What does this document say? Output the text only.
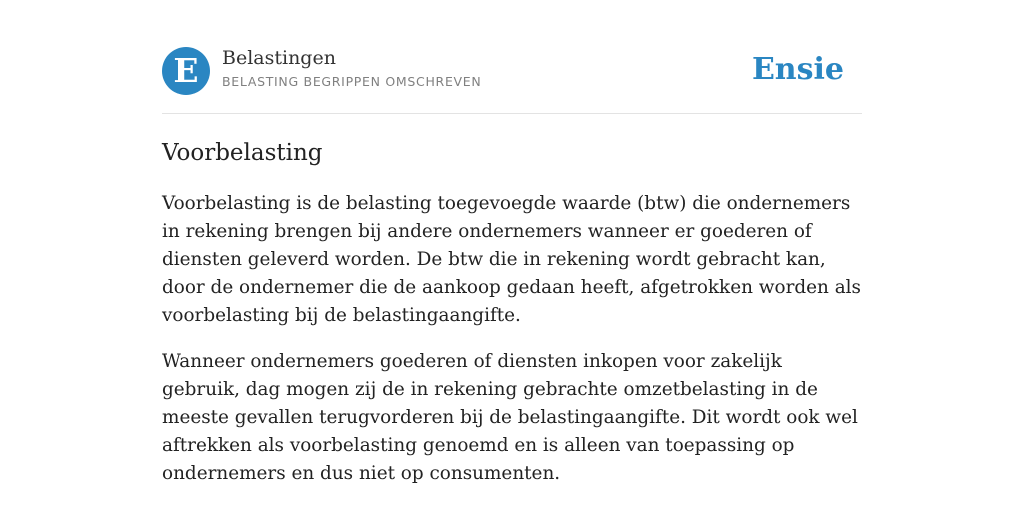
E	Belastingen
BELASTING BEGRIPPEN OMSCHREVEN	Ensie
Voorbelasting

Voorbelasting is de belasting toegevoegde waarde (btw) die ondernemers in rekening brengen bij andere ondernemers wanneer er goederen of diensten geleverd worden. De btw die in rekening wordt gebracht kan, door de ondernemer die de aankoop gedaan heeft, afgetrokken worden als voorbelasting bij de belastingaangifte.

Wanneer ondernemers goederen of diensten inkopen voor zakelijk gebruik, dag mogen zij de in rekening gebrachte omzetbelasting in de meeste gevallen terugvorderen bij de belastingaangifte. Dit wordt ook wel aftrekken als voorbelasting genoemd en is alleen van toepassing op ondernemers en dus niet op consumenten.
